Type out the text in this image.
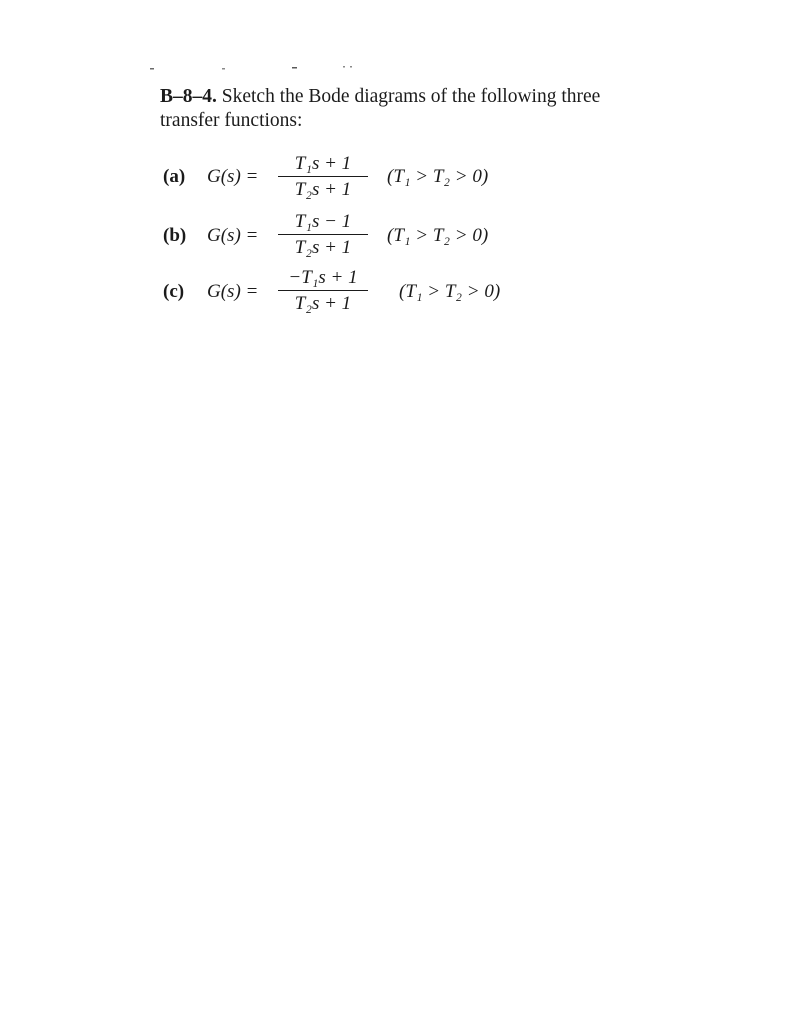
B–8–4. Sketch the Bode diagrams of the following three
transfer functions:
(a) G(s) =
T₁s + 1
T₂s + 1
(T₁ > T₂ > 0)
(b) G(s) =
T₁s − 1
T₂s + 1
(T₁ > T₂ > 0)
(c) G(s) =
−T₁s + 1
T₂s + 1
(T₁ > T₂ > 0)
